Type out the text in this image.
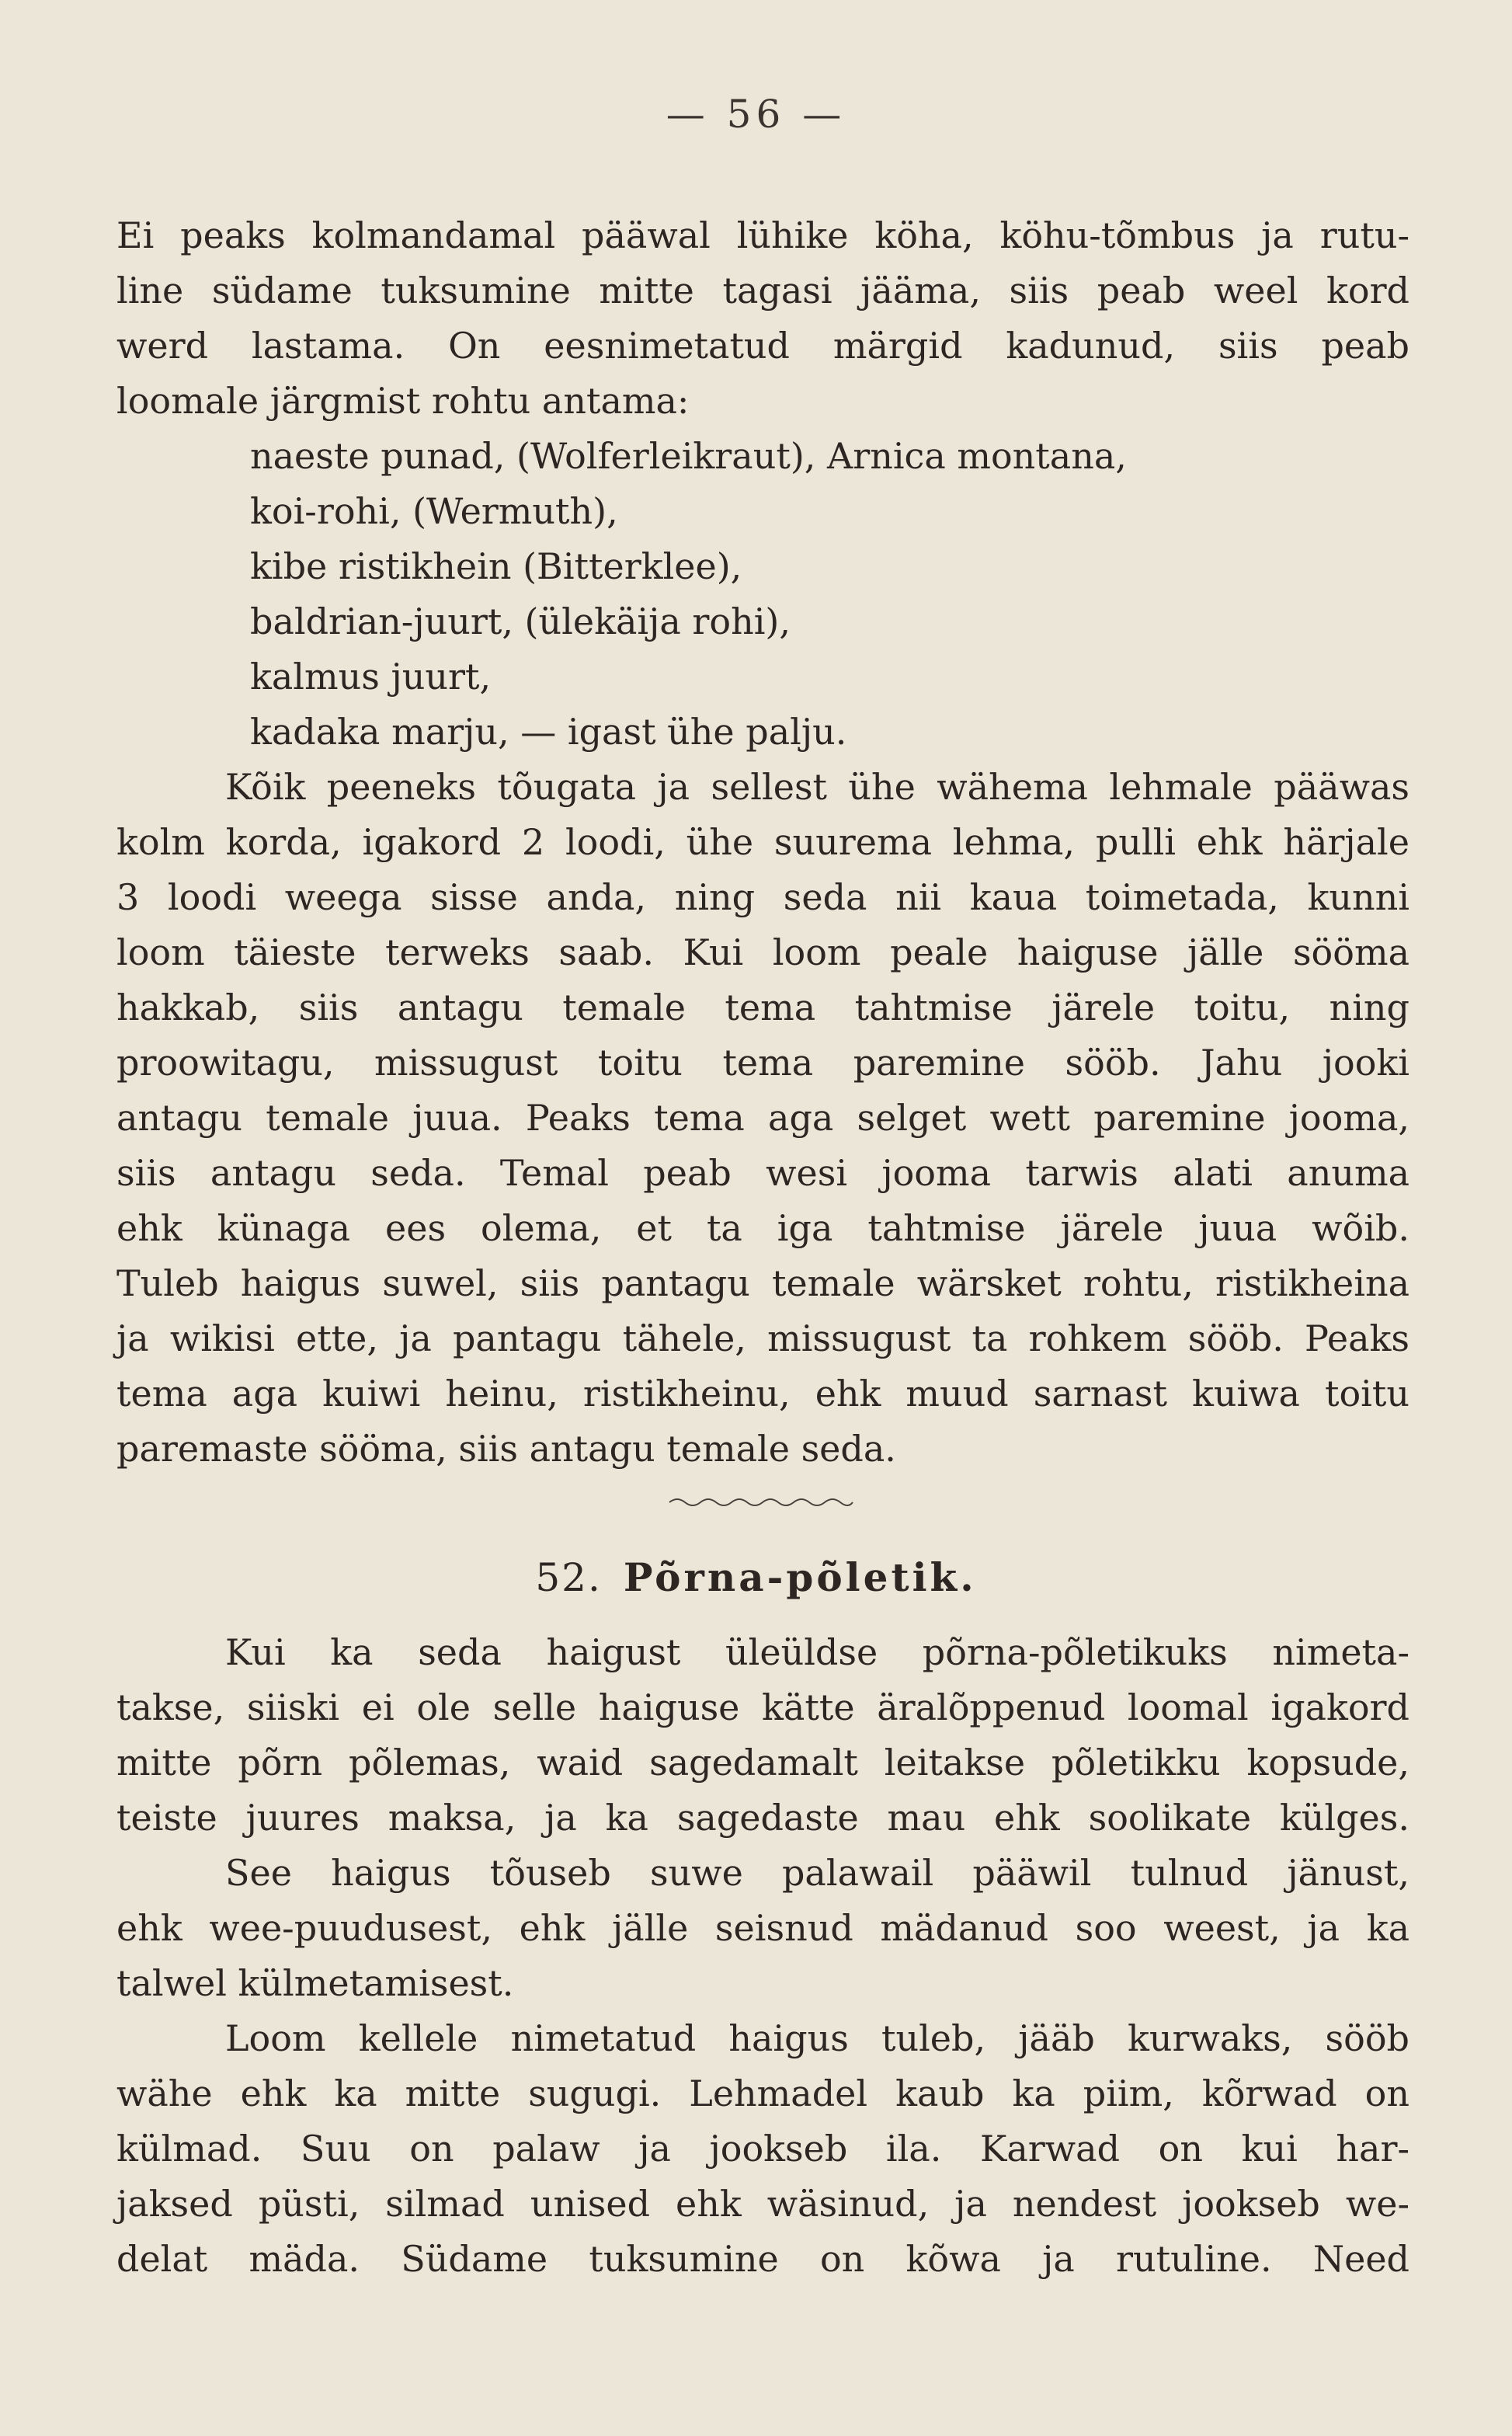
— 56 —
Ei peaks kolmandamal pääwal lühike köha, köhu-tõmbus ja rutu-
line südame tuksumine mitte tagasi jääma, siis peab weel kord
werd lastama. On eesnimetatud märgid kadunud, siis peab
loomale järgmist rohtu antama:
naeste punad, (Wolferleikraut), Arnica montana,
koi-rohi, (Wermuth),
kibe ristikhein (Bitterklee),
baldrian-juurt, (ülekäija rohi),
kalmus juurt,
kadaka marju, — igast ühe palju.
Kõik peeneks tõugata ja sellest ühe wähema lehmale pääwas
kolm korda, igakord 2 loodi, ühe suurema lehma, pulli ehk härjale
3 loodi weega sisse anda, ning seda nii kaua toimetada, kunni
loom täieste terweks saab. Kui loom peale haiguse jälle sööma
hakkab, siis antagu temale tema tahtmise järele toitu, ning
proowitagu, missugust toitu tema paremine sööb. Jahu jooki
antagu temale juua. Peaks tema aga selget wett paremine jooma,
siis antagu seda. Temal peab wesi jooma tarwis alati anuma
ehk künaga ees olema, et ta iga tahtmise järele juua wõib.
Tuleb haigus suwel, siis pantagu temale wärsket rohtu, ristikheina
ja wikisi ette, ja pantagu tähele, missugust ta rohkem sööb. Peaks
tema aga kuiwi heinu, ristikheinu, ehk muud sarnast kuiwa toitu
paremaste sööma, siis antagu temale seda.
52. Põrna-põletik.
Kui ka seda haigust üleüldse põrna-põletikuks nimeta-
takse, siiski ei ole selle haiguse kätte äralõppenud loomal igakord
mitte põrn põlemas, waid sagedamalt leitakse põletikku kopsude,
teiste juures maksa, ja ka sagedaste mau ehk soolikate külges.
See haigus tõuseb suwe palawail pääwil tulnud jänust,
ehk wee-puudusest, ehk jälle seisnud mädanud soo weest, ja ka
talwel külmetamisest.
Loom kellele nimetatud haigus tuleb, jääb kurwaks, sööb
wähe ehk ka mitte sugugi. Lehmadel kaub ka piim, kõrwad on
külmad. Suu on palaw ja jookseb ila. Karwad on kui har-
jaksed püsti, silmad unised ehk wäsinud, ja nendest jookseb we-
delat mäda. Südame tuksumine on kõwa ja rutuline. Need
